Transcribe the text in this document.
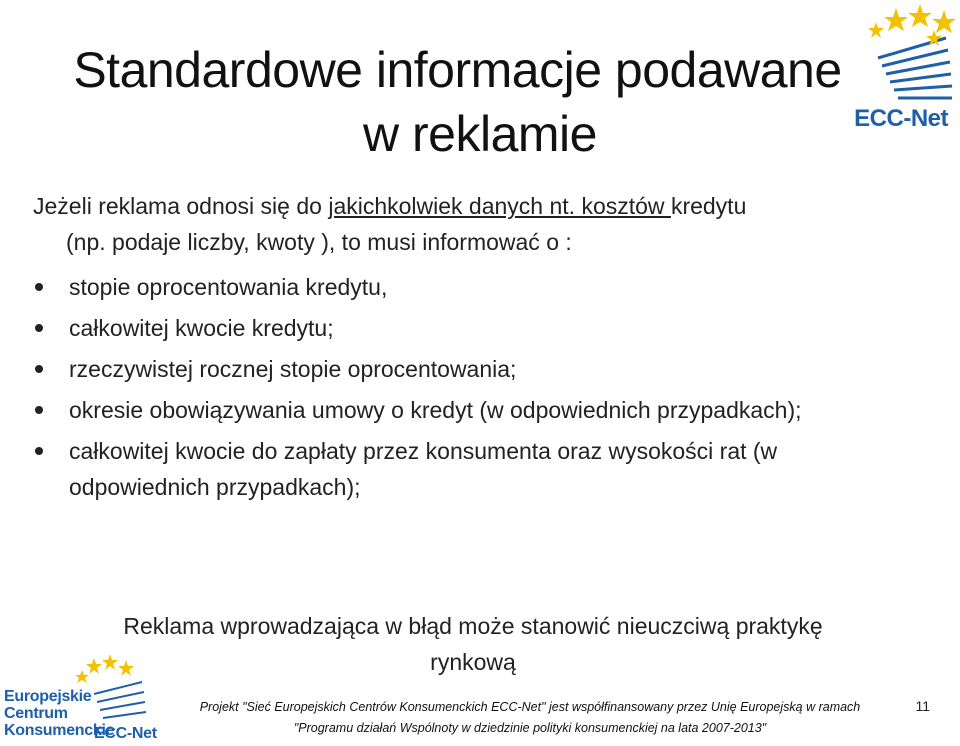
ECC-Net
Standardowe informacje podawane
w reklamie
Jeżeli reklama odnosi się do jakichkolwiek danych nt. kosztów kredytu
(np. podaje liczby, kwoty ), to musi informować o :
stopie oprocentowania kredytu,
całkowitej kwocie kredytu;
rzeczywistej rocznej stopie oprocentowania;
okresie obowiązywania umowy o kredyt (w odpowiednich przypadkach);
całkowitej kwocie do zapłaty przez konsumenta oraz wysokości rat (w odpowiednich przypadkach);
Reklama wprowadzająca w błąd może stanowić nieuczciwą praktykę
rynkową
Europejskie
Centrum
Konsumenckie
ECC-Net
Projekt "Sieć Europejskich Centrów Konsumenckich ECC-Net" jest współfinansowany przez Unię Europejską w ramach
"Programu działań Wspólnoty w dziedzinie polityki konsumenckiej na lata 2007-2013"
11
